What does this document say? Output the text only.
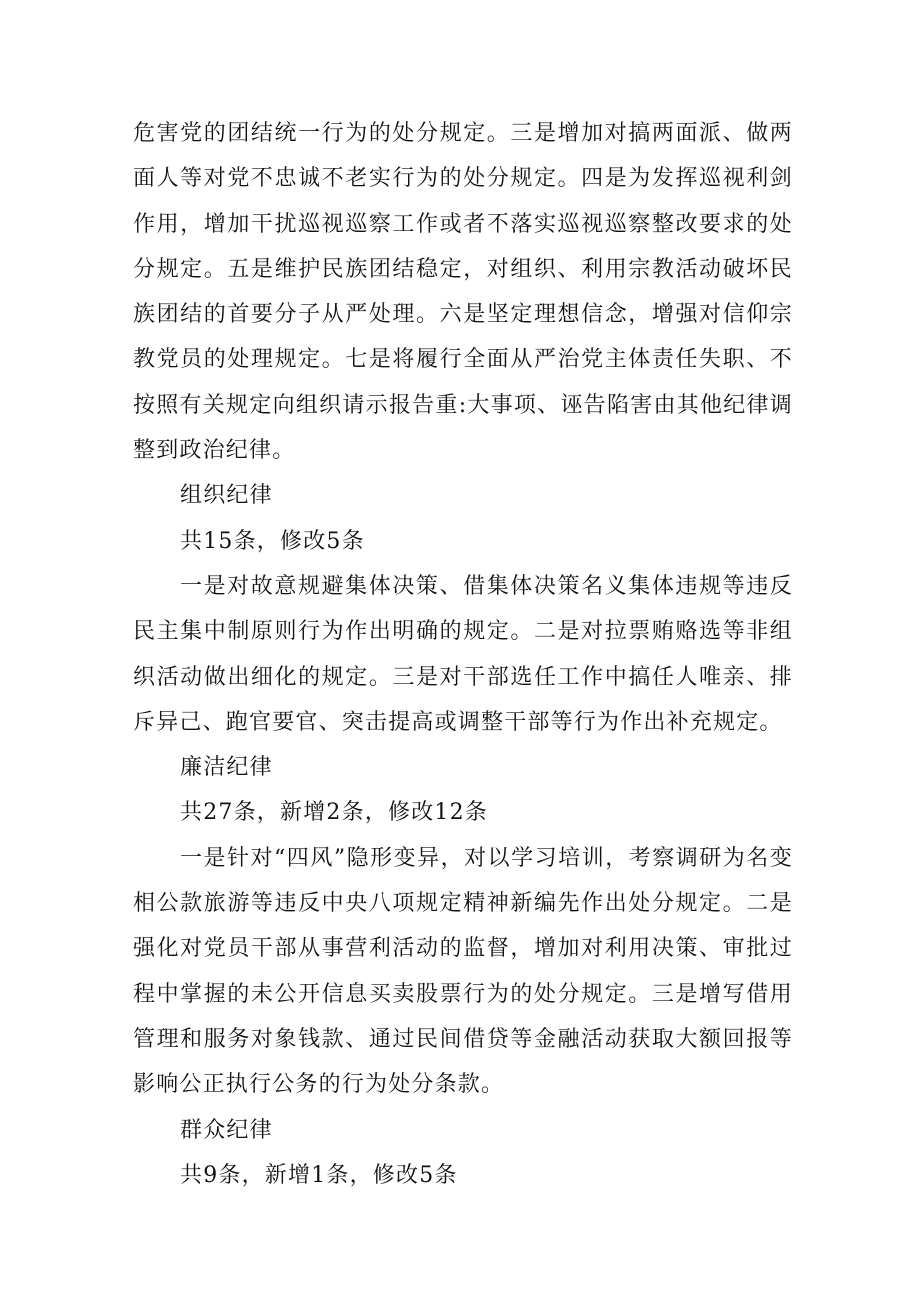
危害党的团结统一行为的处分规定。三是增加对搞两面派、做两面人等对党不忠诚不老实行为的处分规定。四是为发挥巡视利剑作用，增加干扰巡视巡察工作或者不落实巡视巡察整改要求的处分规定。五是维护民族团结稳定，对组织、利用宗教活动破坏民族团结的首要分子从严处理。六是坚定理想信念，增强对信仰宗教党员的处理规定。七是将履行全面从严治党主体责任失职、不按照有关规定向组织请示报告重:大事项、诬告陷害由其他纪律调整到政治纪律。

组织纪律

共15条，修改5条

一是对故意规避集体决策、借集体决策名义集体违规等违反民主集中制原则行为作出明确的规定。二是对拉票贿赂选等非组织活动做出细化的规定。三是对干部选任工作中搞任人唯亲、排斥异己、跑官要官、突击提高或调整干部等行为作出补充规定。

廉洁纪律

共27条，新增2条，修改12条

一是针对“四风”隐形变异，对以学习培训，考察调研为名变相公款旅游等违反中央八项规定精神新编先作出处分规定。二是强化对党员干部从事营利活动的监督，增加对利用决策、审批过程中掌握的未公开信息买卖股票行为的处分规定。三是增写借用管理和服务对象钱款、通过民间借贷等金融活动获取大额回报等影响公正执行公务的行为处分条款。

群众纪律

共9条，新增1条，修改5条
